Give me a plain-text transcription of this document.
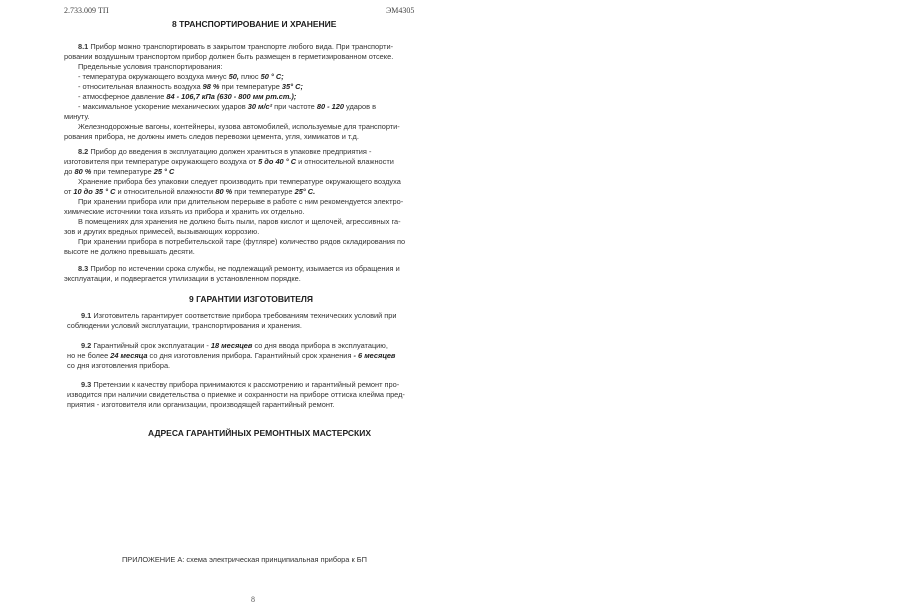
2.733.009 ТП	ЭМ4305
8 ТРАНСПОРТИРОВАНИЕ И ХРАНЕНИЕ
8.1 Прибор можно транспортировать в закрытом транспорте любого вида. При транспорти-
ровании воздушным транспортом прибор должен быть размещен в герметизированном отсеке.
Предельные условия транспортирования:
- температура окружающего воздуха минус 50, плюс 50 ° С;
- относительная влажность воздуха 98 % при температуре 35° С;
- атмосферное давление 84 - 106,7 кПа (630 - 800 мм рт.ст.);
- максимальное ускорение механических ударов 30 м/с² при частоте 80 - 120 ударов в
минуту.
Железнодорожные вагоны, контейнеры, кузова автомобилей, используемые для транспорти-
рования прибора, не должны иметь следов перевозки цемента, угля, химикатов и т.д.
8.2 Прибор до введения в эксплуатацию должен храниться в упаковке предприятия -
изготовителя при температуре окружающего воздуха от 5 до 40 ° С и относительной влажности
до 80 % при температуре 25 ° С
Хранение прибора без упаковки следует производить при температуре окружающего воздуха
от 10 до 35 ° С и относительной влажности 80 % при температуре 25° С.
При хранении прибора или при длительном перерыве в работе с ним рекомендуется электро-
химические источники тока изъять из прибора и хранить их отдельно.
В помещениях для хранения не должно быть пыли, паров кислот и щелочей, агрессивных га-
зов и других вредных примесей, вызывающих коррозию.
При хранении прибора в потребительской таре (футляре) количество рядов складирования по
высоте не должно превышать десяти.
8.3 Прибор по истечении срока службы, не подлежащий ремонту, изымается из обращения и
эксплуатации, и подвергается утилизации в установленном порядке.
9 ГАРАНТИИ ИЗГОТОВИТЕЛЯ
9.1 Изготовитель гарантирует соответствие прибора требованиям технических условий при
соблюдении условий эксплуатации, транспортирования и хранения.
9.2 Гарантийный срок эксплуатации - 18 месяцев со дня ввода прибора в эксплуатацию,
но не более 24 месяца со дня изготовления прибора. Гарантийный срок хранения - 6 месяцев
со дня изготовления прибора.
9.3 Претензии к качеству прибора принимаются к рассмотрению и гарантийный ремонт про-
изводится при наличии свидетельства о приемке и сохранности на приборе оттиска клейма пред-
приятия - изготовителя или организации, производящей гарантийный ремонт.
АДРЕСА ГАРАНТИЙНЫХ РЕМОНТНЫХ МАСТЕРСКИХ
ПРИЛОЖЕНИЕ А: схема электрическая принципиальная прибора к БП
8
